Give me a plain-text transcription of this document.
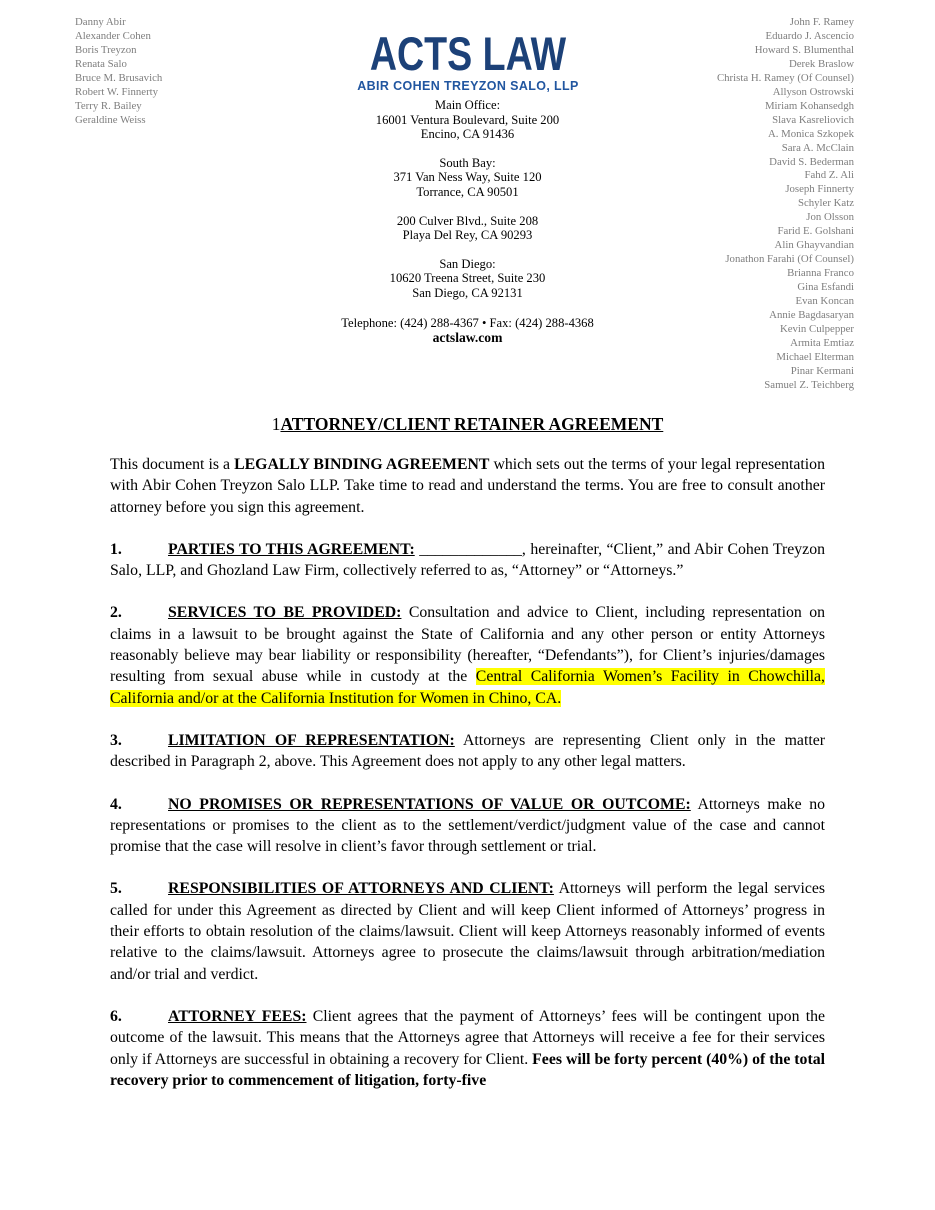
Danny Abir
Alexander Cohen
Boris Treyzon
Renata Salo
Bruce M. Brusavich
Robert W. Finnerty
Terry R. Bailey
Geraldine Weiss
John F. Ramey
Eduardo J. Ascencio
Howard S. Blumenthal
Derek Braslow
Christa H. Ramey (Of Counsel)
Allyson Ostrowski
Miriam Kohansedgh
Slava Kasreliovich
A. Monica Szkopek
Sara A. McClain
David S. Bederman
Fahd Z. Ali
Joseph Finnerty
Schyler Katz
Jon Olsson
Farid E. Golshani
Alin Ghayvandian
Jonathon Farahi (Of Counsel)
Brianna Franco
Gina Esfandi
Evan Koncan
Annie Bagdasaryan
Kevin Culpepper
Armita Emtiaz
Michael Elterman
Pinar Kermani
Samuel Z. Teichberg
ACTS LAW
ABIR COHEN TREYZON SALO, LLP
Main Office:
16001 Ventura Boulevard, Suite 200
Encino, CA 91436
South Bay:
371 Van Ness Way, Suite 120
Torrance, CA 90501
200 Culver Blvd., Suite 208
Playa Del Rey, CA 90293
San Diego:
10620 Treena Street, Suite 230
San Diego, CA 92131
Telephone: (424) 288-4367 • Fax: (424) 288-4368
actslaw.com
1ATTORNEY/CLIENT RETAINER AGREEMENT

This document is a LEGALLY BINDING AGREEMENT which sets out the terms of your legal representation with Abir Cohen Treyzon Salo LLP. Take time to read and understand the terms. You are free to consult another attorney before you sign this agreement.

1.	PARTIES TO THIS AGREEMENT: _____________, hereinafter, “Client,” and Abir Cohen Treyzon Salo, LLP, and Ghozland Law Firm, collectively referred to as, “Attorney” or “Attorneys.”

2.	SERVICES TO BE PROVIDED: Consultation and advice to Client, including representation on claims in a lawsuit to be brought against the State of California and any other person or entity Attorneys reasonably believe may bear liability or responsibility (hereafter, “Defendants”), for Client’s injuries/damages resulting from sexual abuse while in custody at the Central California Women’s Facility in Chowchilla, California and/or at the California Institution for Women in Chino, CA.

3.	LIMITATION OF REPRESENTATION: Attorneys are representing Client only in the matter described in Paragraph 2, above. This Agreement does not apply to any other legal matters.

4.	NO PROMISES OR REPRESENTATIONS OF VALUE OR OUTCOME: Attorneys make no representations or promises to the client as to the settlement/verdict/judgment value of the case and cannot promise that the case will resolve in client’s favor through settlement or trial.

5.	RESPONSIBILITIES OF ATTORNEYS AND CLIENT: Attorneys will perform the legal services called for under this Agreement as directed by Client and will keep Client informed of Attorneys’ progress in their efforts to obtain resolution of the claims/lawsuit. Client will keep Attorneys reasonably informed of events relative to the claims/lawsuit. Attorneys agree to prosecute the claims/lawsuit through arbitration/mediation and/or trial and verdict.

6.	ATTORNEY FEES: Client agrees that the payment of Attorneys’ fees will be contingent upon the outcome of the lawsuit. This means that the Attorneys agree that Attorneys will receive a fee for their services only if Attorneys are successful in obtaining a recovery for Client. Fees will be forty percent (40%) of the total recovery prior to commencement of litigation, forty-five
